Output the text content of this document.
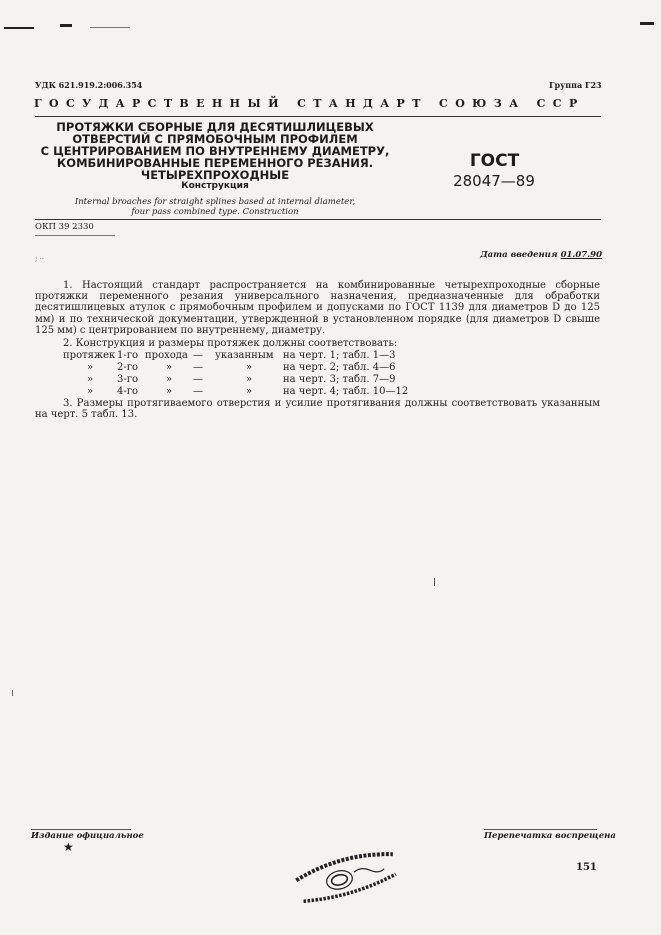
УДК 621.919.2:006.354	Группа Г23
ГОСУДАРСТВЕННЫЙ СТАНДАРТ СОЮЗА ССР
ПРОТЯЖКИ СБОРНЫЕ ДЛЯ ДЕСЯТИШЛИЦЕВЫХ
ОТВЕРСТИЙ С ПРЯМОБОЧНЫМ ПРОФИЛЕМ
С ЦЕНТРИРОВАНИЕМ ПО ВНУТРЕННЕМУ ДИАМЕТРУ,
КОМБИНИРОВАННЫЕ ПЕРЕМЕННОГО РЕЗАНИЯ.
ЧЕТЫРЕХПРОХОДНЫЕ
Конструкция
Internal broaches for straight splines based at internal diameter,
four pass combined type. Construction
ГОСТ
28047—89
ОКП 39 2330
; ··	Дата введения 01.07.90
1. Настоящий стандарт распространяется на комбинированные четырехпроходные сборные протяжки переменного резания универсального назначения, предназначенные для обработки десятишлицевых атулок с прямобочным профилем и допусками по ГОСТ 1139 для диаметров D до 125 мм) и по технической документации, утвержденной в установленном порядке (для диаметров D свыше 125 мм) с центрированием по внутреннему, диаметру.
2. Конструкция и размеры протяжек должны соответствовать:
протяжек	1-го	прохода	—	указанным	на черт. 1; табл. 1—3
»	2-го	»	—	»	на черт. 2; табл. 4—6
»	3-го	»	—	»	на черт. 3; табл. 7—9
»	4-го	»	—	»	на черт. 4; табл. 10—12
3. Размеры протягиваемого отверстия и усилие протягивания должны соответствовать указанным на черт. 5 табл. 13.
Издание официальное
★
Перепечатка воспрещена
151
